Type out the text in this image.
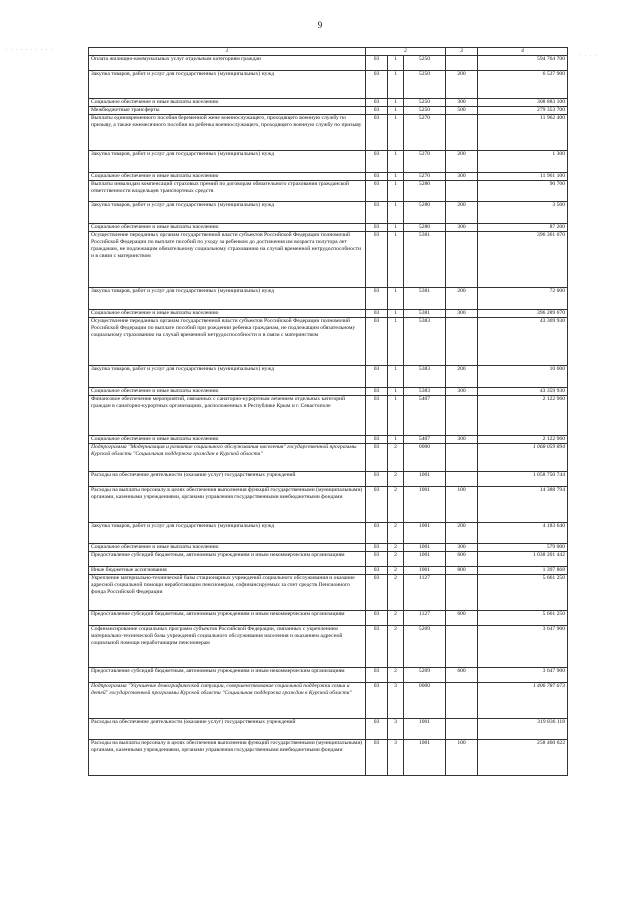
9
· · · · · · · · · ·
· · · ·
1	2			3	4
Оплата жилищно-коммунальных услуг отдельным категориям граждан	03	1	5250		594 764 700
Закупка товаров, работ и услуг для государственных (муниципальных) нужд	03	1	5250	200	6 527 900
Социальное обеспечение и иные выплаты населению	03	1	5250	300	308 883 100
Межбюджетные трансферты	03	1	5250	500	279 353 700
Выплаты единовременного пособия беременной жене военнослужащего, проходящего военную службу по призыву, а также ежемесячного пособия на ребенка военнослужащего, проходящего военную службу по призыву	03	1	5270		11 962 400
Закупка товаров, работ и услуг для государственных (муниципальных) нужд	03	1	5270	200	1 300
Социальное обеспечение и иные выплаты населению	03	1	5270	300	11 961 100
Выплаты инвалидам компенсаций страховых премий по договорам обязательного страхования гражданской ответственности владельцев транспортных средств	03	1	5280		90 700
Закупка товаров, работ и услуг для государственных (муниципальных) нужд	03	1	5280	200	3 500
Социальное обеспечение и иные выплаты населению	03	1	5280	300	87 200
Осуществление переданных органам государственной власти субъектов Российской Федерации полномочий Российской Федерации по выплате пособий по уходу за ребенком до достижения им возраста полутора лет гражданам, не подлежащим обязательному социальному страхованию на случай временной нетрудоспособности и в связи с материнством	03	1	5381		396 361 670
Закупка товаров, работ и услуг для государственных (муниципальных) нужд	03	1	5381	200	72 000
Социальное обеспечение и иные выплаты населению	03	1	5381	300	396 289 670
Осуществление переданных органам государственной власти субъектов Российской Федерации полномочий Российской Федерации по выплате пособий при рождении ребенка гражданам, не подлежащим обязательному социальному страхованию на случай временной нетрудоспособности и в связи с материнством	03	1	5383		43 369 930
Закупка товаров, работ и услуг для государственных (муниципальных) нужд	03	1	5383	200	10 000
Социальное обеспечение и иные выплаты населению	03	1	5383	300	43 359 930
Финансовое обеспечение мероприятий, связанных с санаторно-курортным лечением отдельных категорий граждан в санаторно-курортных организациях, расположенных в Республике Крым и г. Севастополе	03	1	5407		2 122 960
Социальное обеспечение и иные выплаты населению	03	1	5407	300	2 122 960
Подпрограмма "Модернизация и развитие социального обслуживания населения" государственной программы Курской области "Социальная поддержка граждан в Курской области"	03	2	0000		1 068 059 894
Расходы на обеспечение деятельности (оказание услуг) государственных учреждений	03	2	1001		1 058 750 744
Расходы на выплаты персоналу в целях обеспечения выполнения функций государственными (муниципальными) органами, казенными учреждениями, органами управления государственными внебюджетными фондами	03	2	1001	100	14 388 794
Закупка товаров, работ и услуг для государственных (муниципальных) нужд	03	2	1001	200	4 183 640
Социальное обеспечение и иные выплаты населению	03	2	1001	300	579 000
Предоставление субсидий бюджетным, автономным учреждениям и иным некоммерческим организациям	03	2	1001	600	1 038 201 442
Иные бюджетные ассигнования	03	2	1001	800	1 397 868
Укрепление материально-технической базы стационарных учреждений социального обслуживания и оказание адресной социальной помощи неработающим пенсионерам, софинансируемых за счет средств Пенсионного фонда Российской Федерации	03	2	1127		5 661 250
Предоставление субсидий бюджетным, автономным учреждениям и иным некоммерческим организациям	03	2	1127	600	5 661 250
Софинансирование социальных программ субъектов Российской Федерации, связанных с укреплением материально-технической базы учреждений социального обслуживания населения и оказанием адресной социальной помощи неработающим пенсионерам	03	2	5209		3 647 900
Предоставление субсидий бюджетным, автономным учреждениям и иным некоммерческим организациям	03	2	5209	600	3 647 900
Подпрограмма "Улучшение демографической ситуации, совершенствование социальной поддержки семьи и детей" государственной программы Курской области "Социальная поддержка граждан в Курской области"	03	3	0000		1 406 787 673
Расходы на обеспечение деятельности (оказание услуг) государственных учреждений	03	3	1001		319 836 118
Расходы на выплаты персоналу в целях обеспечения выполнения функций государственными (муниципальными) органами, казенными учреждениями, органами управления государственными внебюджетными фондами	03	3	1001	100	258 460 622
